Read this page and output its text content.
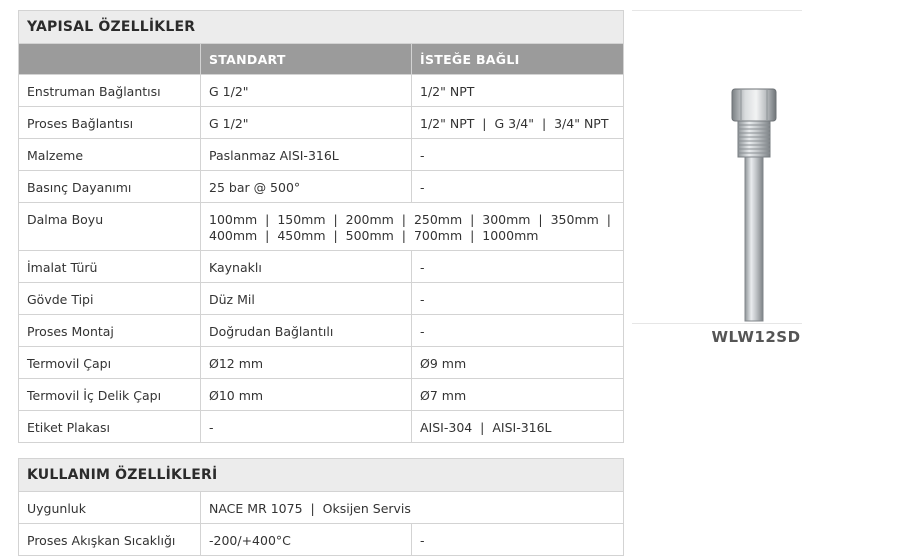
YAPISAL ÖZELLİKLER		
	STANDART	İSTEĞE BAĞLI
Enstruman Bağlantısı	G 1/2"	1/2" NPT
Proses Bağlantısı	G 1/2"	1/2" NPT  |  G 3/4"  |  3/4" NPT
Malzeme	Paslanmaz AISI-316L	-
Basınç Dayanımı	25 bar @ 500°	-
Dalma Boyu	100mm  |  150mm  |  200mm  |  250mm  |  300mm  |  350mm  |  400mm  |  450mm  |  500mm  |  700mm  |  1000mm	
İmalat Türü	Kaynaklı	-
Gövde Tipi	Düz Mil	-
Proses Montaj	Doğrudan Bağlantılı	-
Termovil Çapı	Ø12 mm	Ø9 mm
Termovil İç Delik Çapı	Ø10 mm	Ø7 mm
Etiket Plakası	-	AISI-304  |  AISI-316L
KULLANIM ÖZELLİKLERİ		
Uygunluk	NACE MR 1075  |  Oksijen Servis	
Proses Akışkan Sıcaklığı	-200/+400°C	-
WLW12SD
